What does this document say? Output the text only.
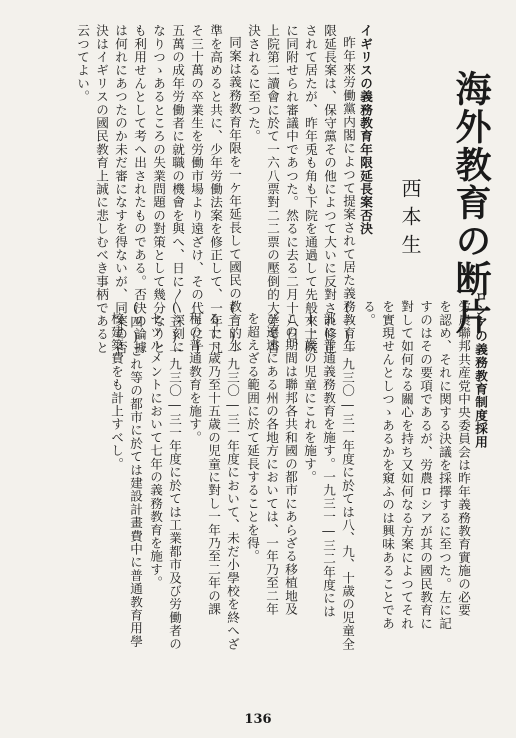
海外教育の断片
西本生
イギリスの義務教育年限延長案否決
昨年來労働黨内閣によつて提案されて居た義務教育年
限延長案は、保守黨その他によつて大いに反對され修正
されて居たが、昨年兎も角も下院を通過して先般來上院
に同附せられ審議中であつた。然るに去る二月十八日、
上院第二讀會に於て一六八票對二二票の壓倒的大差で否
決されるに至つた。
同案は義務教育年限を一ケ年延長して國民の教育的水
準を高めると共に、少年労働法案を修正して、一年に凡
そ三十萬の卒業生を労働市場より遠ざけ、その代りに十
五萬の成年労働者に就職の機會を與へ、日に〳〵深刻に
なりつゝあるところの失業問題の對策として幾分なりと
も利用せんとして考へ出されたものである。否決の論據
は何れにあつたのか未だ審になすを得ないが、同案の否
決はイギリスの國民教育上誠に悲しむべき事柄であると
云つてよい。
ロシアの義務教育制度採用
労農聯邦共産党中央委員会は昨年義務教育實施の必要
を認め、それに関する決議を採擇するに至つた。左に記
すのはその要項であるが、労農ロシアが其の國民教育に
對して如何なる關心を持ち又如何なる方案によつてそれ
を實現せんとしつゝあるかを窺ふのは興味あることであ
る。
(一)一九三〇―三一年度に於ては八、九、十歳の児童全
部に普通義務教育を施す。一九三一―三二年度には
十一歳の児童にこれを施す。
この期間は聯邦各共和國の都市にあらざる移植地及
び遼遠にある州の各地方においては、一年乃至二年
を超えざる範囲に於て延長することを得。
(二)一九三〇―三一年度において、未だ小學校を終へざ
る十一歳乃至十五歳の児童に對し一年乃至二年の課
程の普通教育を施す。
(三)一九三〇―三一年度に於ては工業都市及び労働者の
セツルメントにおいて七年の義務教育を施す。
(四)これ等の都市に於ては建設計畫費中に普通教育用學
校建築費をも計上すべし。
136
